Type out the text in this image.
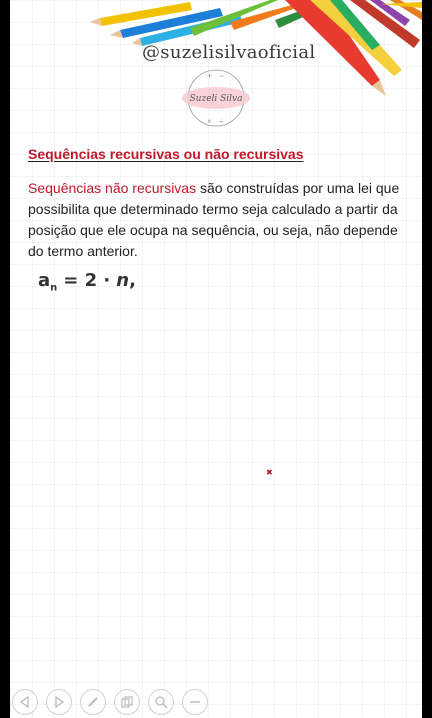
@suzelisilvaoficial

Suzeli Silva
+ −
× ÷

Sequências recursivas ou não recursivas

Sequências não recursivas são construídas por uma lei que possibilita que determinado termo seja calculado a partir da posição que ele ocupa na sequência, ou seja, não depende do termo anterior.

$a_n = 2 \cdot n$,
✖
